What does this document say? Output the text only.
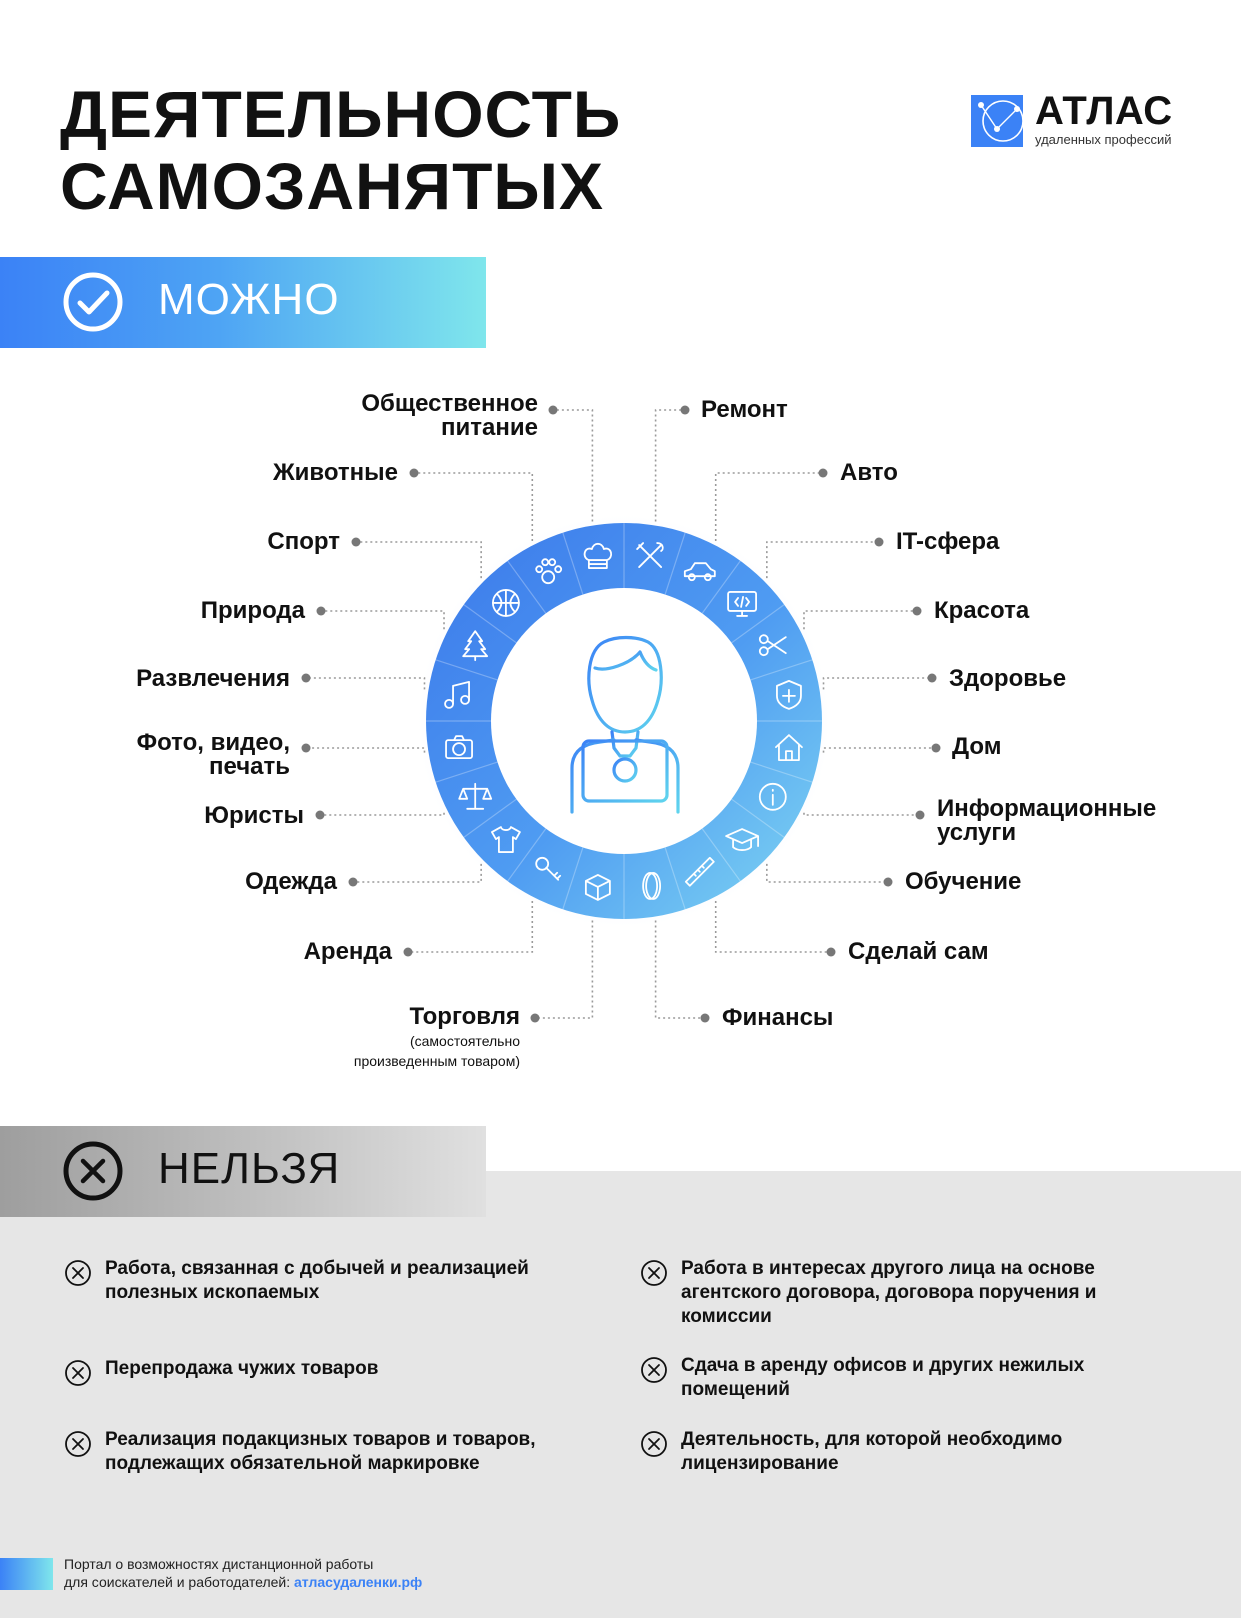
ДЕЯТЕЛЬНОСТЬ
САМОЗАНЯТЫХ
АТЛАС
удаленных профессий
МОЖНО
Общественное
питание
Животные
Спорт
Природа
Развлечения
Фото, видео,
печать
Юристы
Одежда
Аренда
Торговля
(самостоятельно
произведенным товаром)
Ремонт
Авто
IT-сфера
Красота
Здоровье
Дом
Информационные
услуги
Обучение
Сделай сам
Финансы
НЕЛЬЗЯ
Работа, связанная с добычей и реализацией полезных ископаемых
Перепродажа чужих товаров
Реализация подакцизных товаров и товаров, подлежащих обязательной маркировке
Работа в интересах другого лица на основе агентского договора, договора поручения и комиссии
Сдача в аренду офисов и других нежилых помещений
Деятельность, для которой необходимо лицензирование
Портал о возможностях дистанционной работы
для соискателей и работодателей: атласудаленки.рф
